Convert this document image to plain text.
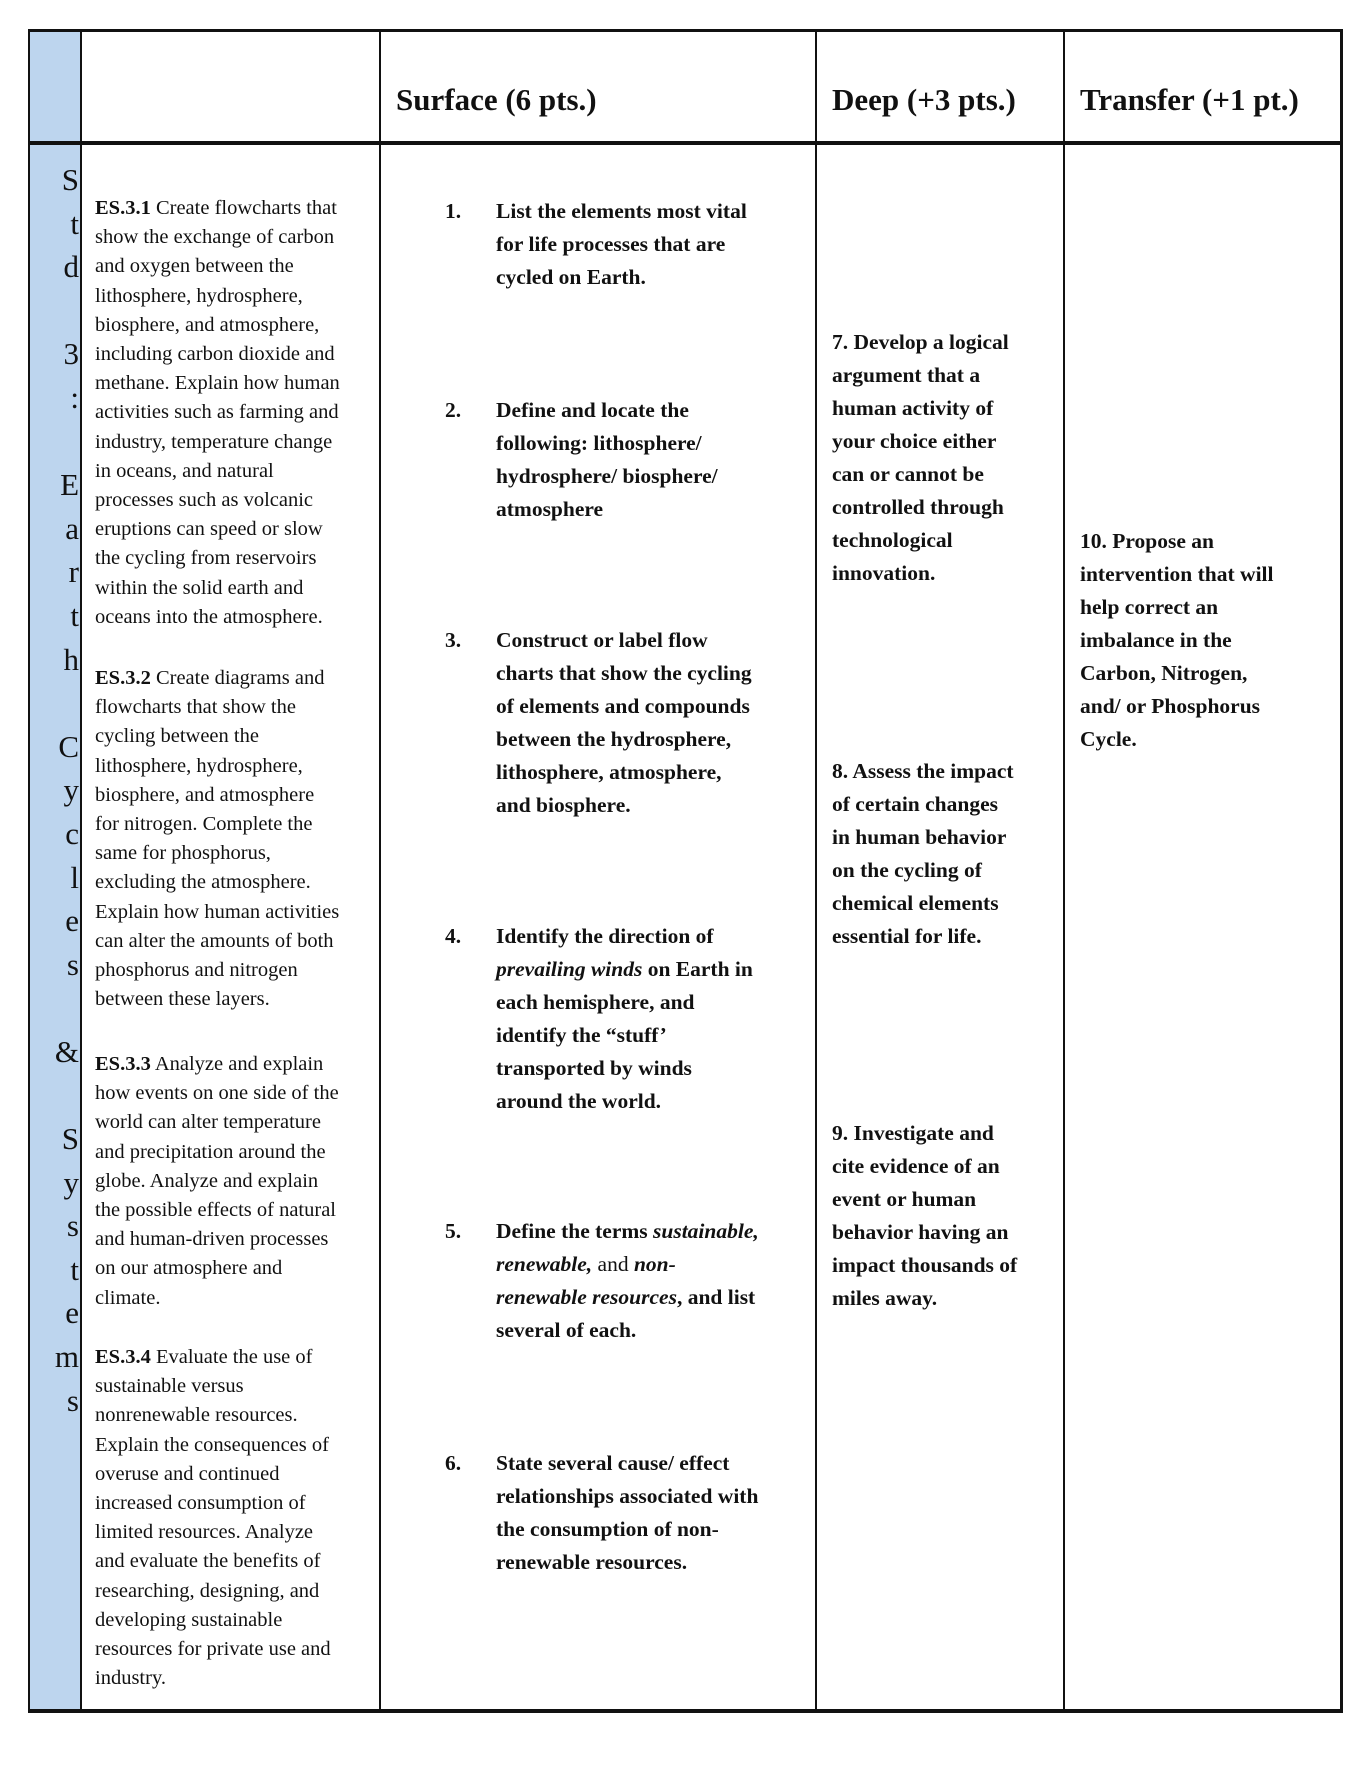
S
t
d

3
:

E
a
r
t
h

C
y
c
l
e
s

&

S
y
s
t
e
m
s
Surface (6 pts.)	Deep (+3 pts.) Transfer (+1 pt.)
ES.3.1 Create flowcharts that
show the exchange of carbon
and oxygen between the
lithosphere, hydrosphere,
biosphere, and atmosphere,
including carbon dioxide and
methane. Explain how human
activities such as farming and
industry, temperature change
in oceans, and natural
processes such as volcanic
eruptions can speed or slow
the cycling from reservoirs
within the solid earth and
oceans into the atmosphere.
ES.3.2 Create diagrams and
flowcharts that show the
cycling between the
lithosphere, hydrosphere,
biosphere, and atmosphere
for nitrogen. Complete the
same for phosphorus,
excluding the atmosphere.
Explain how human activities
can alter the amounts of both
phosphorus and nitrogen
between these layers.
ES.3.3 Analyze and explain
how events on one side of the
world can alter temperature
and precipitation around the
globe. Analyze and explain
the possible effects of natural
and human-driven processes
on our atmosphere and
climate.
ES.3.4 Evaluate the use of
sustainable versus
nonrenewable resources.
Explain the consequences of
overuse and continued
increased consumption of
limited resources. Analyze
and evaluate the benefits of
researching, designing, and
developing sustainable
resources for private use and
industry.
1. List the elements most vital
for life processes that are
cycled on Earth.
2. Define and locate the
following: lithosphere/
hydrosphere/ biosphere/
atmosphere
3. Construct or label flow
charts that show the cycling
of elements and compounds
between the hydrosphere,
lithosphere, atmosphere,
and biosphere.
4. Identify the direction of
prevailing winds on Earth in
each hemisphere, and
identify the “stuff’
transported by winds
around the world.
5. Define the terms sustainable,
renewable, and non-
renewable resources, and list
several of each.
6. State several cause/ effect
relationships associated with
the consumption of non-
renewable resources.
7. Develop a logical
argument that a
human activity of
your choice either
can or cannot be
controlled through
technological
innovation.
8. Assess the impact
of certain changes
in human behavior
on the cycling of
chemical elements
essential for life.
9. Investigate and
cite evidence of an
event or human
behavior having an
impact thousands of
miles away.
10. Propose an
intervention that will
help correct an
imbalance in the
Carbon, Nitrogen,
and/ or Phosphorus
Cycle.
